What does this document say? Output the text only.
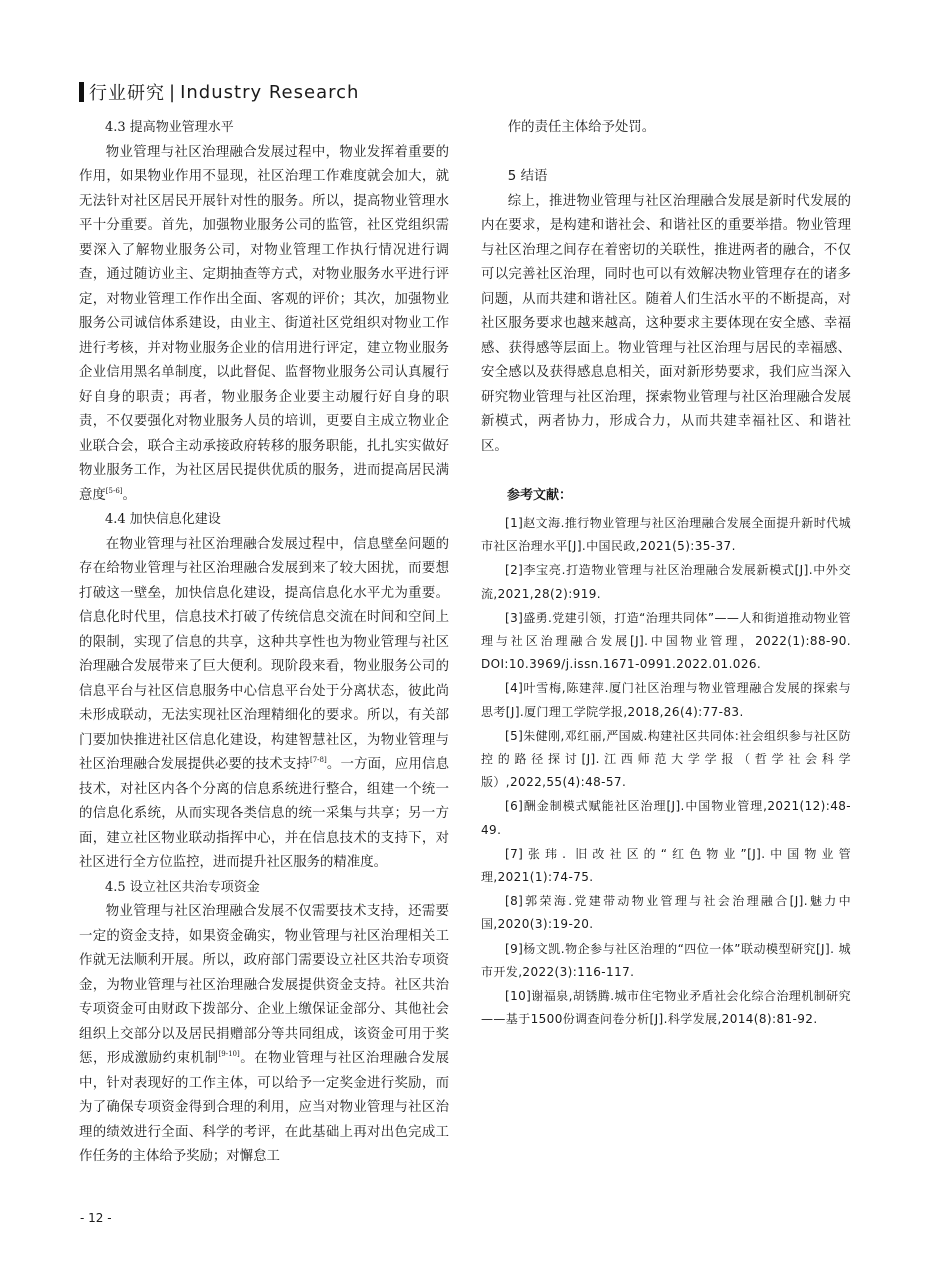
行业研究 | Industry Research
4.3 提高物业管理水平

物业管理与社区治理融合发展过程中，物业发挥着重要的作用，如果物业作用不显现，社区治理工作难度就会加大，就无法针对社区居民开展针对性的服务。所以，提高物业管理水平十分重要。首先，加强物业服务公司的监管，社区党组织需要深入了解物业服务公司，对物业管理工作执行情况进行调查，通过随访业主、定期抽查等方式，对物业服务水平进行评定，对物业管理工作作出全面、客观的评价；其次，加强物业服务公司诚信体系建设，由业主、街道社区党组织对物业工作进行考核，并对物业服务企业的信用进行评定，建立物业服务企业信用黑名单制度，以此督促、监督物业服务公司认真履行好自身的职责；再者，物业服务企业要主动履行好自身的职责，不仅要强化对物业服务人员的培训，更要自主成立物业企业联合会，联合主动承接政府转移的服务职能，扎扎实实做好物业服务工作，为社区居民提供优质的服务，进而提高居民满意度[5-6]。

4.4 加快信息化建设

在物业管理与社区治理融合发展过程中，信息壁垒问题的存在给物业管理与社区治理融合发展到来了较大困扰，而要想打破这一壁垒，加快信息化建设，提高信息化水平尤为重要。信息化时代里，信息技术打破了传统信息交流在时间和空间上的限制，实现了信息的共享，这种共享性也为物业管理与社区治理融合发展带来了巨大便利。现阶段来看，物业服务公司的信息平台与社区信息服务中心信息平台处于分离状态，彼此尚未形成联动，无法实现社区治理精细化的要求。所以，有关部门要加快推进社区信息化建设，构建智慧社区，为物业管理与社区治理融合发展提供必要的技术支持[7-8]。一方面，应用信息技术，对社区内各个分离的信息系统进行整合，组建一个统一的信息化系统，从而实现各类信息的统一采集与共享；另一方面，建立社区物业联动指挥中心，并在信息技术的支持下，对社区进行全方位监控，进而提升社区服务的精准度。

4.5 设立社区共治专项资金

物业管理与社区治理融合发展不仅需要技术支持，还需要一定的资金支持，如果资金确实，物业管理与社区治理相关工作就无法顺利开展。所以，政府部门需要设立社区共治专项资金，为物业管理与社区治理融合发展提供资金支持。社区共治专项资金可由财政下拨部分、企业上缴保证金部分、其他社会组织上交部分以及居民捐赠部分等共同组成，该资金可用于奖惩，形成激励约束机制[9-10]。在物业管理与社区治理融合发展中，针对表现好的工作主体，可以给予一定奖金进行奖励，而为了确保专项资金得到合理的利用，应当对物业管理与社区治理的绩效进行全面、科学的考评，在此基础上再对出色完成工作任务的主体给予奖励；对懈怠工

作的责任主体给予处罚。
5 结语

综上，推进物业管理与社区治理融合发展是新时代发展的内在要求，是构建和谐社会、和谐社区的重要举措。物业管理与社区治理之间存在着密切的关联性，推进两者的融合，不仅可以完善社区治理，同时也可以有效解决物业管理存在的诸多问题，从而共建和谐社区。随着人们生活水平的不断提高，对社区服务要求也越来越高，这种要求主要体现在安全感、幸福感、获得感等层面上。物业管理与社区治理与居民的幸福感、安全感以及获得感息息相关，面对新形势要求，我们应当深入研究物业管理与社区治理，探索物业管理与社区治理融合发展新模式，两者协力，形成合力，从而共建幸福社区、和谐社区。

参考文献：

[1]赵文海.推行物业管理与社区治理融合发展全面提升新时代城市社区治理水平[J].中国民政,2021(5):35-37.

[2]李宝亮.打造物业管理与社区治理融合发展新模式[J].中外交流,2021,28(2):919.

[3]盛勇.党建引领，打造“治理共同体”——人和街道推动物业管理与社区治理融合发展[J].中国物业管理，2022(1):88-90. DOI:10.3969/j.issn.1671-0991.2022.01.026.

[4]叶雪梅,陈建萍.厦门社区治理与物业管理融合发展的探索与思考[J].厦门理工学院学报,2018,26(4):77-83.

[5]朱健刚,邓红丽,严国威.构建社区共同体:社会组织参与社区防控的路径探讨[J].江西师范大学学报（哲学社会科学版）,2022,55(4):48-57.

[6]酬金制模式赋能社区治理[J].中国物业管理,2021(12):48-49.

[7]张玮. 旧改社区的“红色物业”[J].中国物业管理,2021(1):74-75.

[8]郭荣海.党建带动物业管理与社会治理融合[J].魅力中国,2020(3):19-20.

[9]杨文凯.物企参与社区治理的“四位一体”联动模型研究[J]. 城市开发,2022(3):116-117.

[10]谢福泉,胡锈腾.城市住宅物业矛盾社会化综合治理机制研究——基于1500份调查问卷分析[J].科学发展,2014(8):81-92.

- 12 -
